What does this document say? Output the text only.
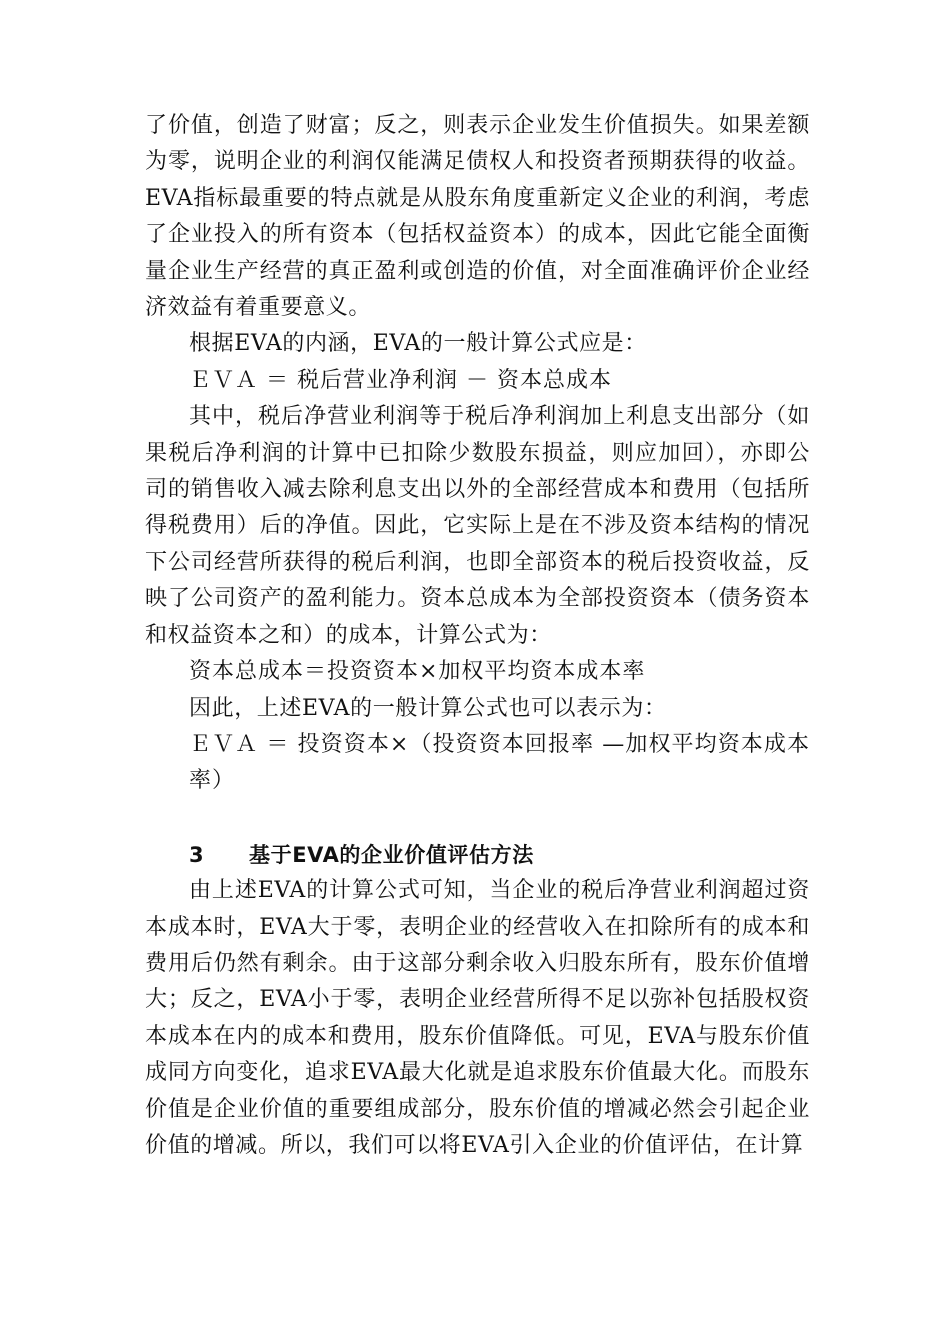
了价值，创造了财富；反之，则表示企业发生价值损失。如果差额为零，说明企业的利润仅能满足债权人和投资者预期获得的收益。EVA指标最重要的特点就是从股东角度重新定义企业的利润，考虑了企业投入的所有资本（包括权益资本）的成本，因此它能全面衡量企业生产经营的真正盈利或创造的价值，对全面准确评价企业经济效益有着重要意义。

根据EVA的内涵，EVA的一般计算公式应是：

ＥＶＡ ＝ 税后营业净利润 － 资本总成本

其中，税后净营业利润等于税后净利润加上利息支出部分（如果税后净利润的计算中已扣除少数股东损益，则应加回），亦即公司的销售收入减去除利息支出以外的全部经营成本和费用（包括所得税费用）后的净值。因此，它实际上是在不涉及资本结构的情况下公司经营所获得的税后利润，也即全部资本的税后投资收益，反映了公司资产的盈利能力。资本总成本为全部投资资本（债务资本和权益资本之和）的成本，计算公式为：

资本总成本＝投资资本×加权平均资本成本率

因此，上述EVA的一般计算公式也可以表示为：

ＥＶＡ ＝ 投资资本×（投资资本回报率 —加权平均资本成本率）

3 基于EVA的企业价值评估方法

由上述EVA的计算公式可知，当企业的税后净营业利润超过资本成本时，EVA大于零，表明企业的经营收入在扣除所有的成本和费用后仍然有剩余。由于这部分剩余收入归股东所有，股东价值增大；反之，EVA小于零，表明企业经营所得不足以弥补包括股权资本成本在内的成本和费用，股东价值降低。可见，EVA与股东价值成同方向变化，追求EVA最大化就是追求股东价值最大化。而股东价值是企业价值的重要组成部分，股东价值的增减必然会引起企业价值的增减。所以，我们可以将EVA引入企业的价值评估，在计算
